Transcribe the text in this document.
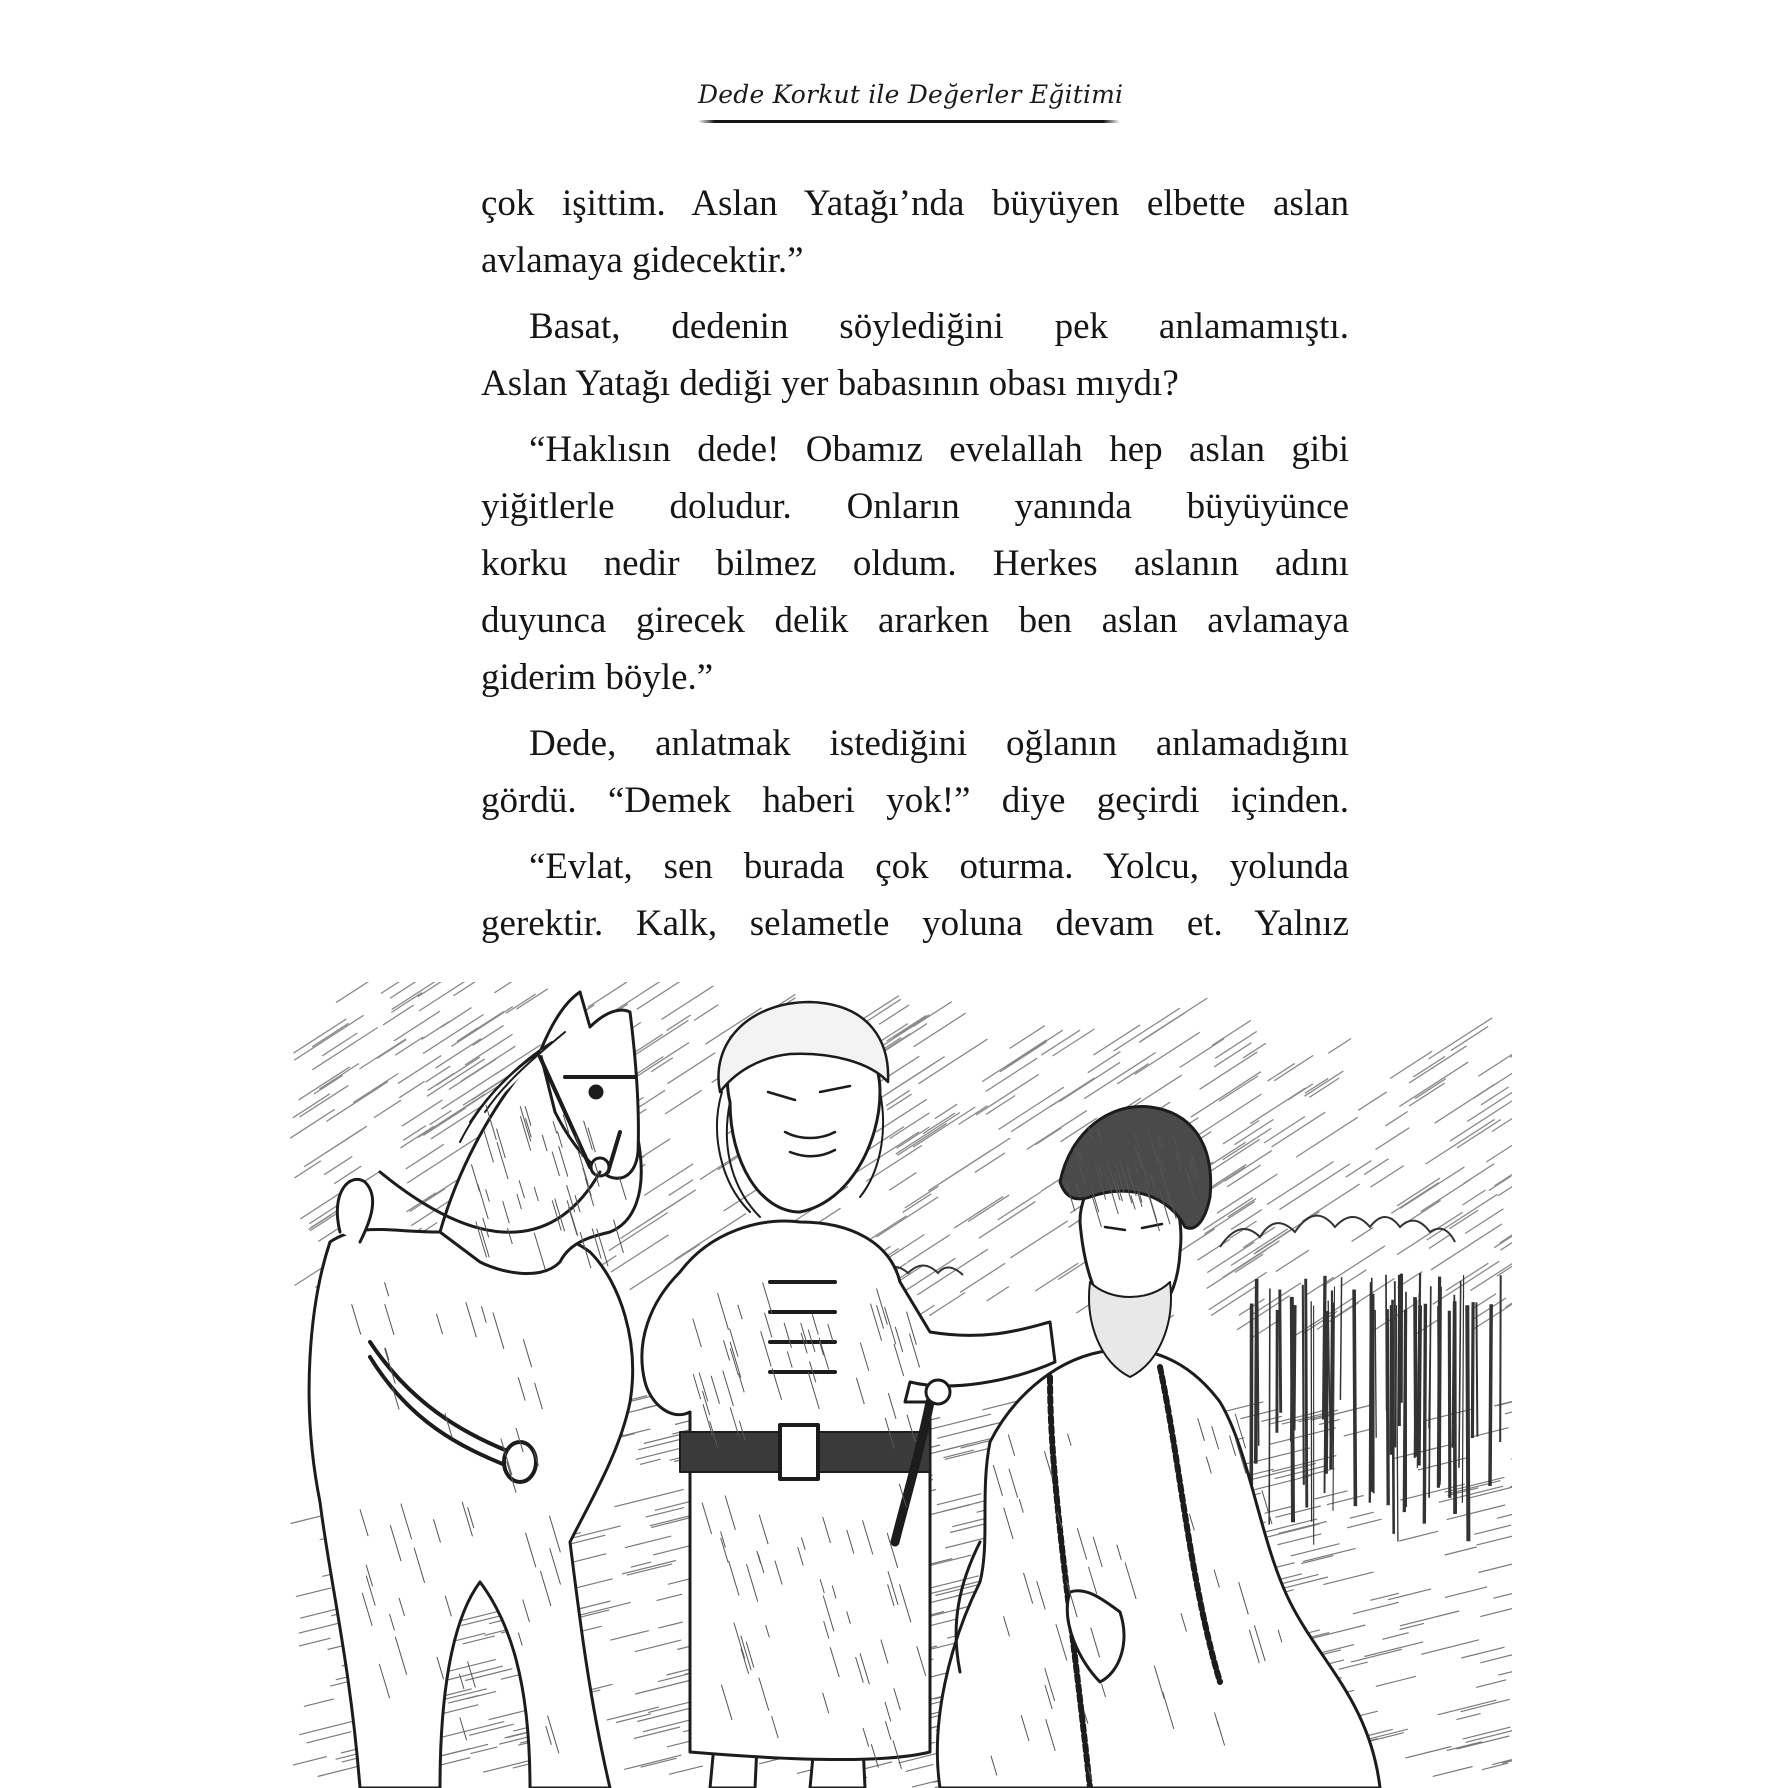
Dede Korkut ile Değerler Eğitimi
çok işittim. Aslan Yatağı’nda büyüyen elbette aslan
avlamaya gidecektir.”
Basat, dedenin söylediğini pek anlamamıştı.
Aslan Yatağı dediği yer babasının obası mıydı?
“Haklısın dede! Obamız evelallah hep aslan gibi
yiğitlerle doludur. Onların yanında büyüyünce
korku nedir bilmez oldum. Herkes aslanın adını
duyunca girecek delik ararken ben aslan avlamaya
giderim böyle.”
Dede, anlatmak istediğini oğlanın anlamadığını
gördü. “Demek haberi yok!” diye geçirdi içinden.
“Evlat, sen burada çok oturma. Yolcu, yolunda
gerektir. Kalk, selametle yoluna devam et. Yalnız
